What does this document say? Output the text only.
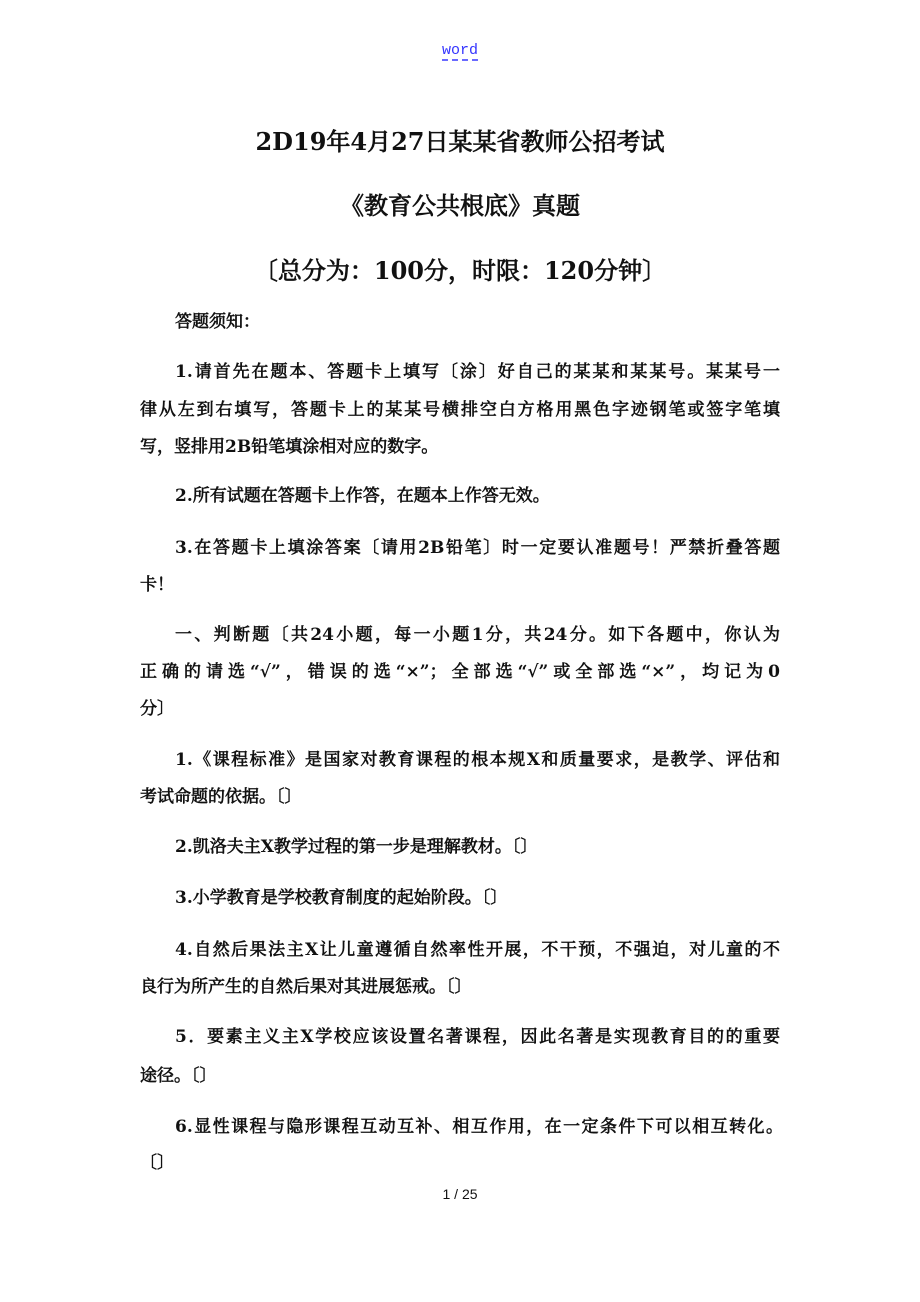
word
2D19年4月27日某某省教师公招考试
《教育公共根底》真题
〔总分为：100分，时限：120分钟〕
答题须知：
1.请首先在题本、答题卡上填写〔涂〕好自己的某某和某某号。某某号一
律从左到右填写，答题卡上的某某号横排空白方格用黑色字迹钢笔或签字笔填
写，竖排用2B铅笔填涂相对应的数字。
2.所有试题在答题卡上作答，在题本上作答无效。
3.在答题卡上填涂答案〔请用2B铅笔〕时一定要认准题号！严禁折叠答题
卡！
一、判断题〔共24小题，每一小题1分，共24分。如下各题中，你认为
正确的请选“√”，错误的选“×”；全部选“√”或全部选“×”，均记为0
分〕
1.《课程标准》是国家对教育课程的根本规X和质量要求，是教学、评估和
考试命题的依据。〔〕
2.凯洛夫主X教学过程的第一步是理解教材。〔〕
3.小学教育是学校教育制度的起始阶段。〔〕
4.自然后果法主X让儿童遵循自然率性开展，不干预，不强迫，对儿童的不
良行为所产生的自然后果对其进展惩戒。〔〕
5．要素主义主X学校应该设置名著课程，因此名著是实现教育目的的重要
途径。〔〕
6.显性课程与隐形课程互动互补、相互作用，在一定条件下可以相互转化。
〔〕
1 / 25
